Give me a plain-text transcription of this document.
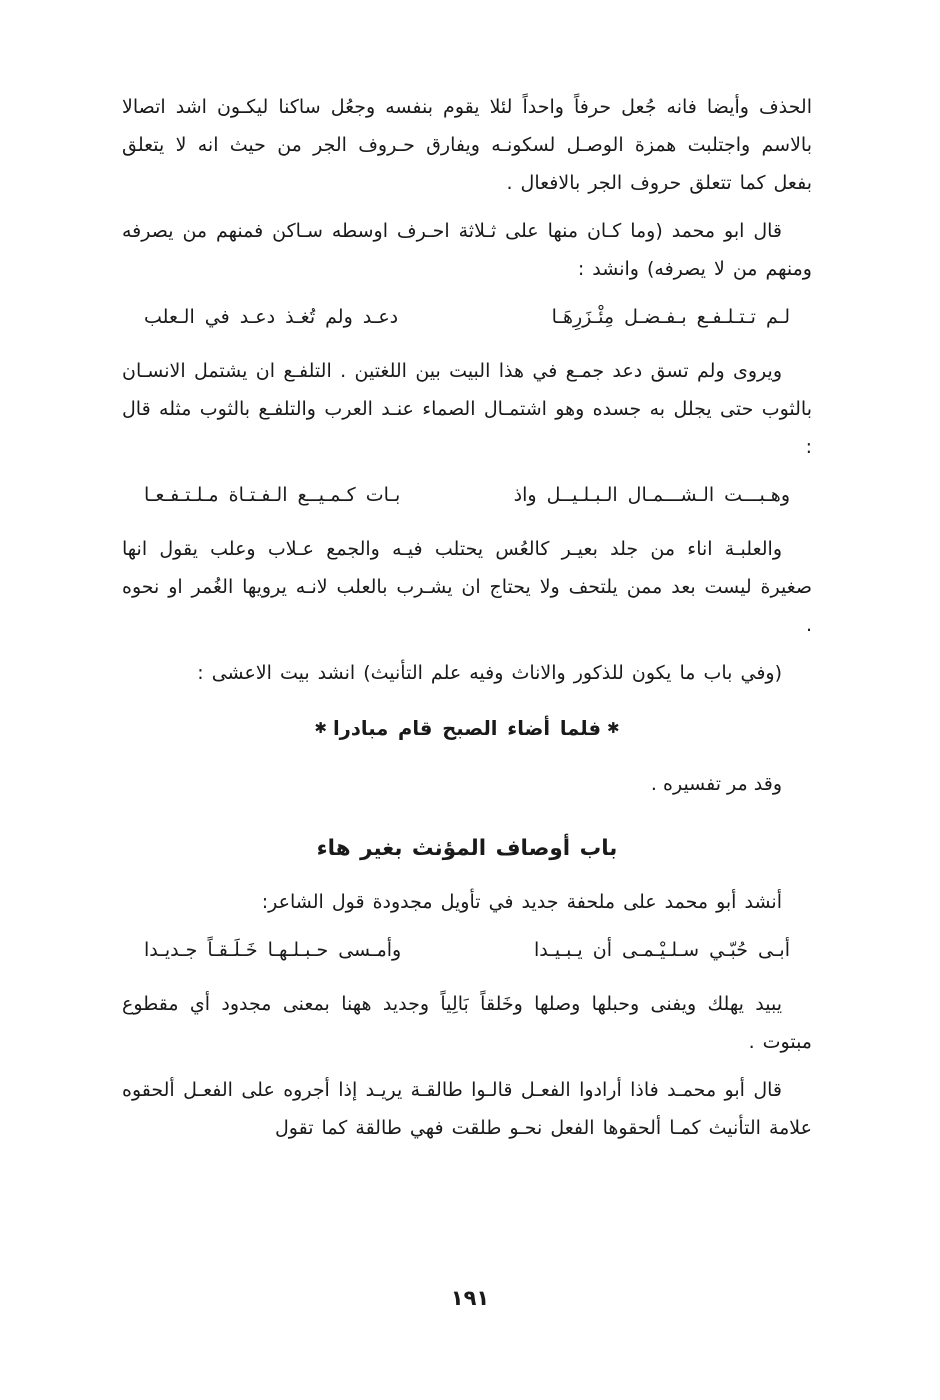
الحذف وأيضا فانه جُعل حرفاً واحداً لئلا يقوم بنفسه وجعُل ساكنا ليكـون اشد اتصالا بالاسم واجتلبت همزة الوصـل لسكونـه ويفارق حـروف الجر من حيث انه لا يتعلق بفعل كما تتعلق حروف الجر بالافعال .

قال ابو محمد (وما كـان منها على ثـلاثة احـرف اوسطه سـاكن فمنهم من يصرفه ومنهم من لا يصرفه) وانشد :

لـم تـتـلـفـع بـفـضـل مِئْـزَرِهَـا
دعـد ولم تُغـذ دعـد في الـعلب

ويروى ولم تسق دعد جمـع في هذا البيت بين اللغتين . التلفـع ان يشتمل الانسـان بالثوب حتى يجلل به جسده وهو اشتمـال الصماء عنـد العرب والتلفـع بالثوب مثله قال :

وهـبـــت الـشـــمـال الـبـلـيــل واذ
بـات كـمـيــع الـفـتـاة مـلـتـفـعـا

والعلبـة اناء من جلد بعيـر كالعُس يحتلب فيـه والجمع عـلاب وعلب يقول انها صغيرة ليست بعد ممن يلتحف ولا يحتاج ان يشـرب بالعلب لانـه يرويها الغُمر او نحوه .

(وفي باب ما يكون للذكور والاناث وفيه علم التأنيث) انشد بيت الاعشى :

✱فلما أضاء الصبح قام مبادرا✱

وقد مر تفسيره .

باب أوصاف المؤنث بغير هاء

أنشد أبو محمد على ملحفة جديد في تأويل مجدودة قول الشاعر:

أبـى حُبّـي سـلـيْـمـى أن يـبـيـدا
وأمـسى حـبـلـهـا خَـلَـقـاً جـديـدا

يبيد يهلك ويفنى وحبلها وصلها وخَلقاً بَالِياً وجديد ههنا بمعنى مجدود أي مقطوع مبتوت .

قال أبو محمـد فاذا أرادوا الفعـل قالـوا طالقـة يريـد إذا أجروه على الفعـل ألحقوه علامة التأنيث كمـا ألحقوها الفعل نحـو طلقت فهي طالقة كما تقول

١٩١
